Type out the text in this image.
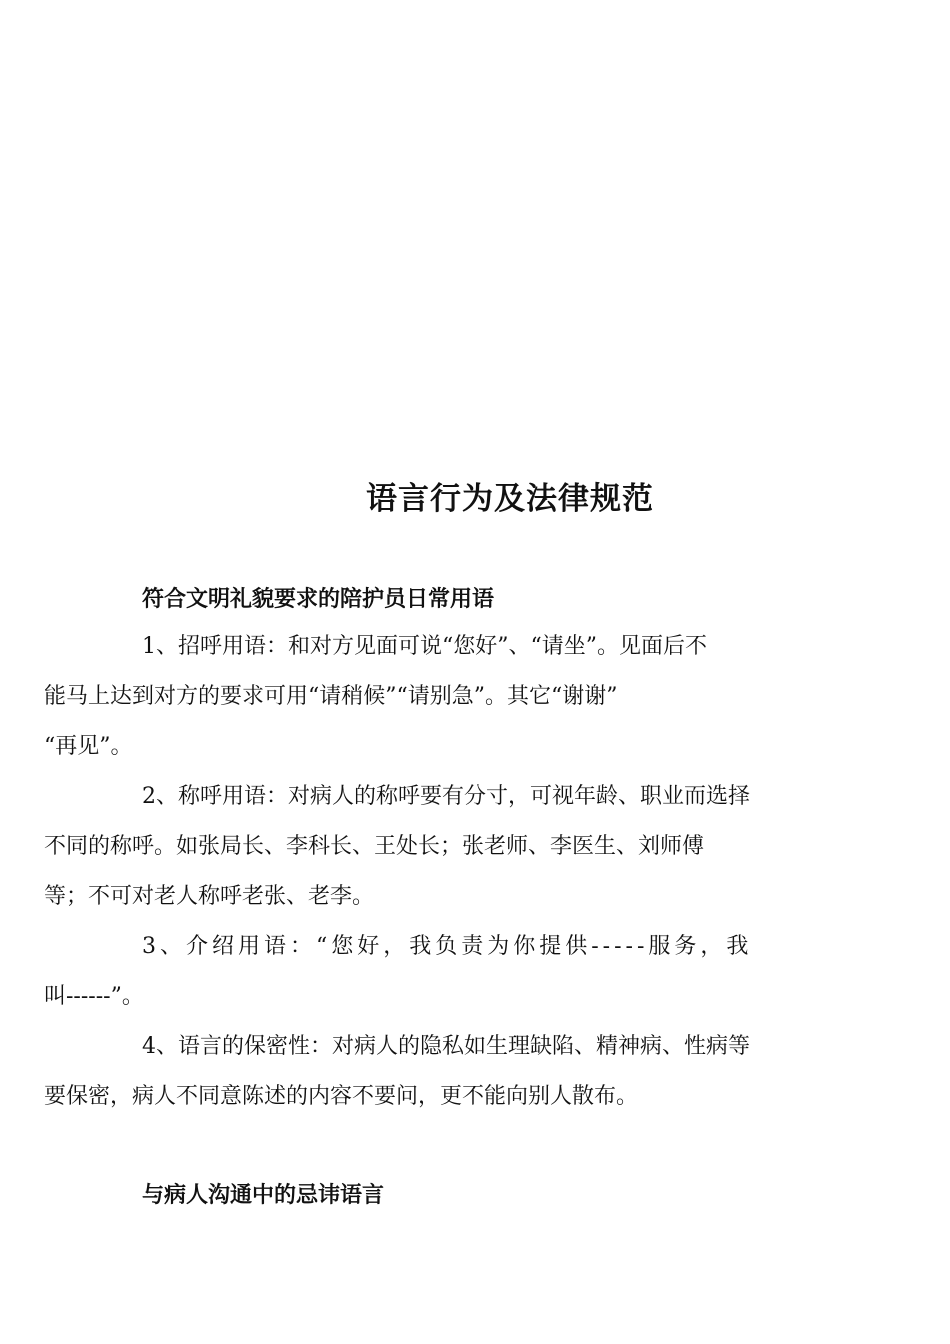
语言行为及法律规范
符合文明礼貌要求的陪护员日常用语
1、招呼用语：和对方见面可说“您好”、“请坐”。见面后不
能马上达到对方的要求可用“请稍候”“请别急”。其它“谢谢”
“再见”。
2、称呼用语：对病人的称呼要有分寸，可视年龄、职业而选择
不同的称呼。如张局长、李科长、王处长；张老师、李医生、刘师傅
等；不可对老人称呼老张、老李。
3、介绍用语：“您好，我负责为你提供-----服务，我
叫------”。
4、语言的保密性：对病人的隐私如生理缺陷、精神病、性病等
要保密，病人不同意陈述的内容不要问，更不能向别人散布。
与病人沟通中的忌讳语言
